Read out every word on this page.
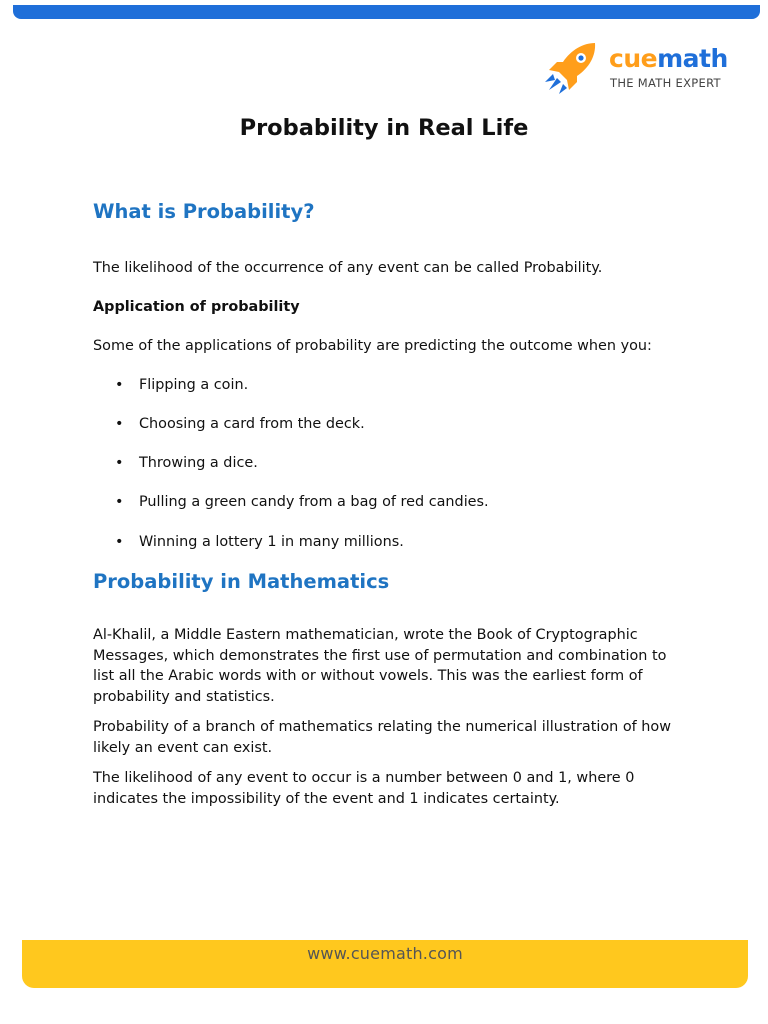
cuemath
THE MATH EXPERT
Probability in Real Life
What is Probability?

The likelihood of the occurrence of any event can be called Probability.

Application of probability

Some of the applications of probability are predicting the outcome when you:

• Flipping a coin.
• Choosing a card from the deck.
• Throwing a dice.
• Pulling a green candy from a bag of red candies.
• Winning a lottery 1 in many millions.
Probability in Mathematics

Al-Khalil, a Middle Eastern mathematician, wrote the Book of Cryptographic Messages, which demonstrates the first use of permutation and combination to list all the Arabic words with or without vowels. This was the earliest form of probability and statistics.

Probability of a branch of mathematics relating the numerical illustration of how likely an event can exist.

The likelihood of any event to occur is a number between 0 and 1, where 0 indicates the impossibility of the event and 1 indicates certainty.

www.cuemath.com
